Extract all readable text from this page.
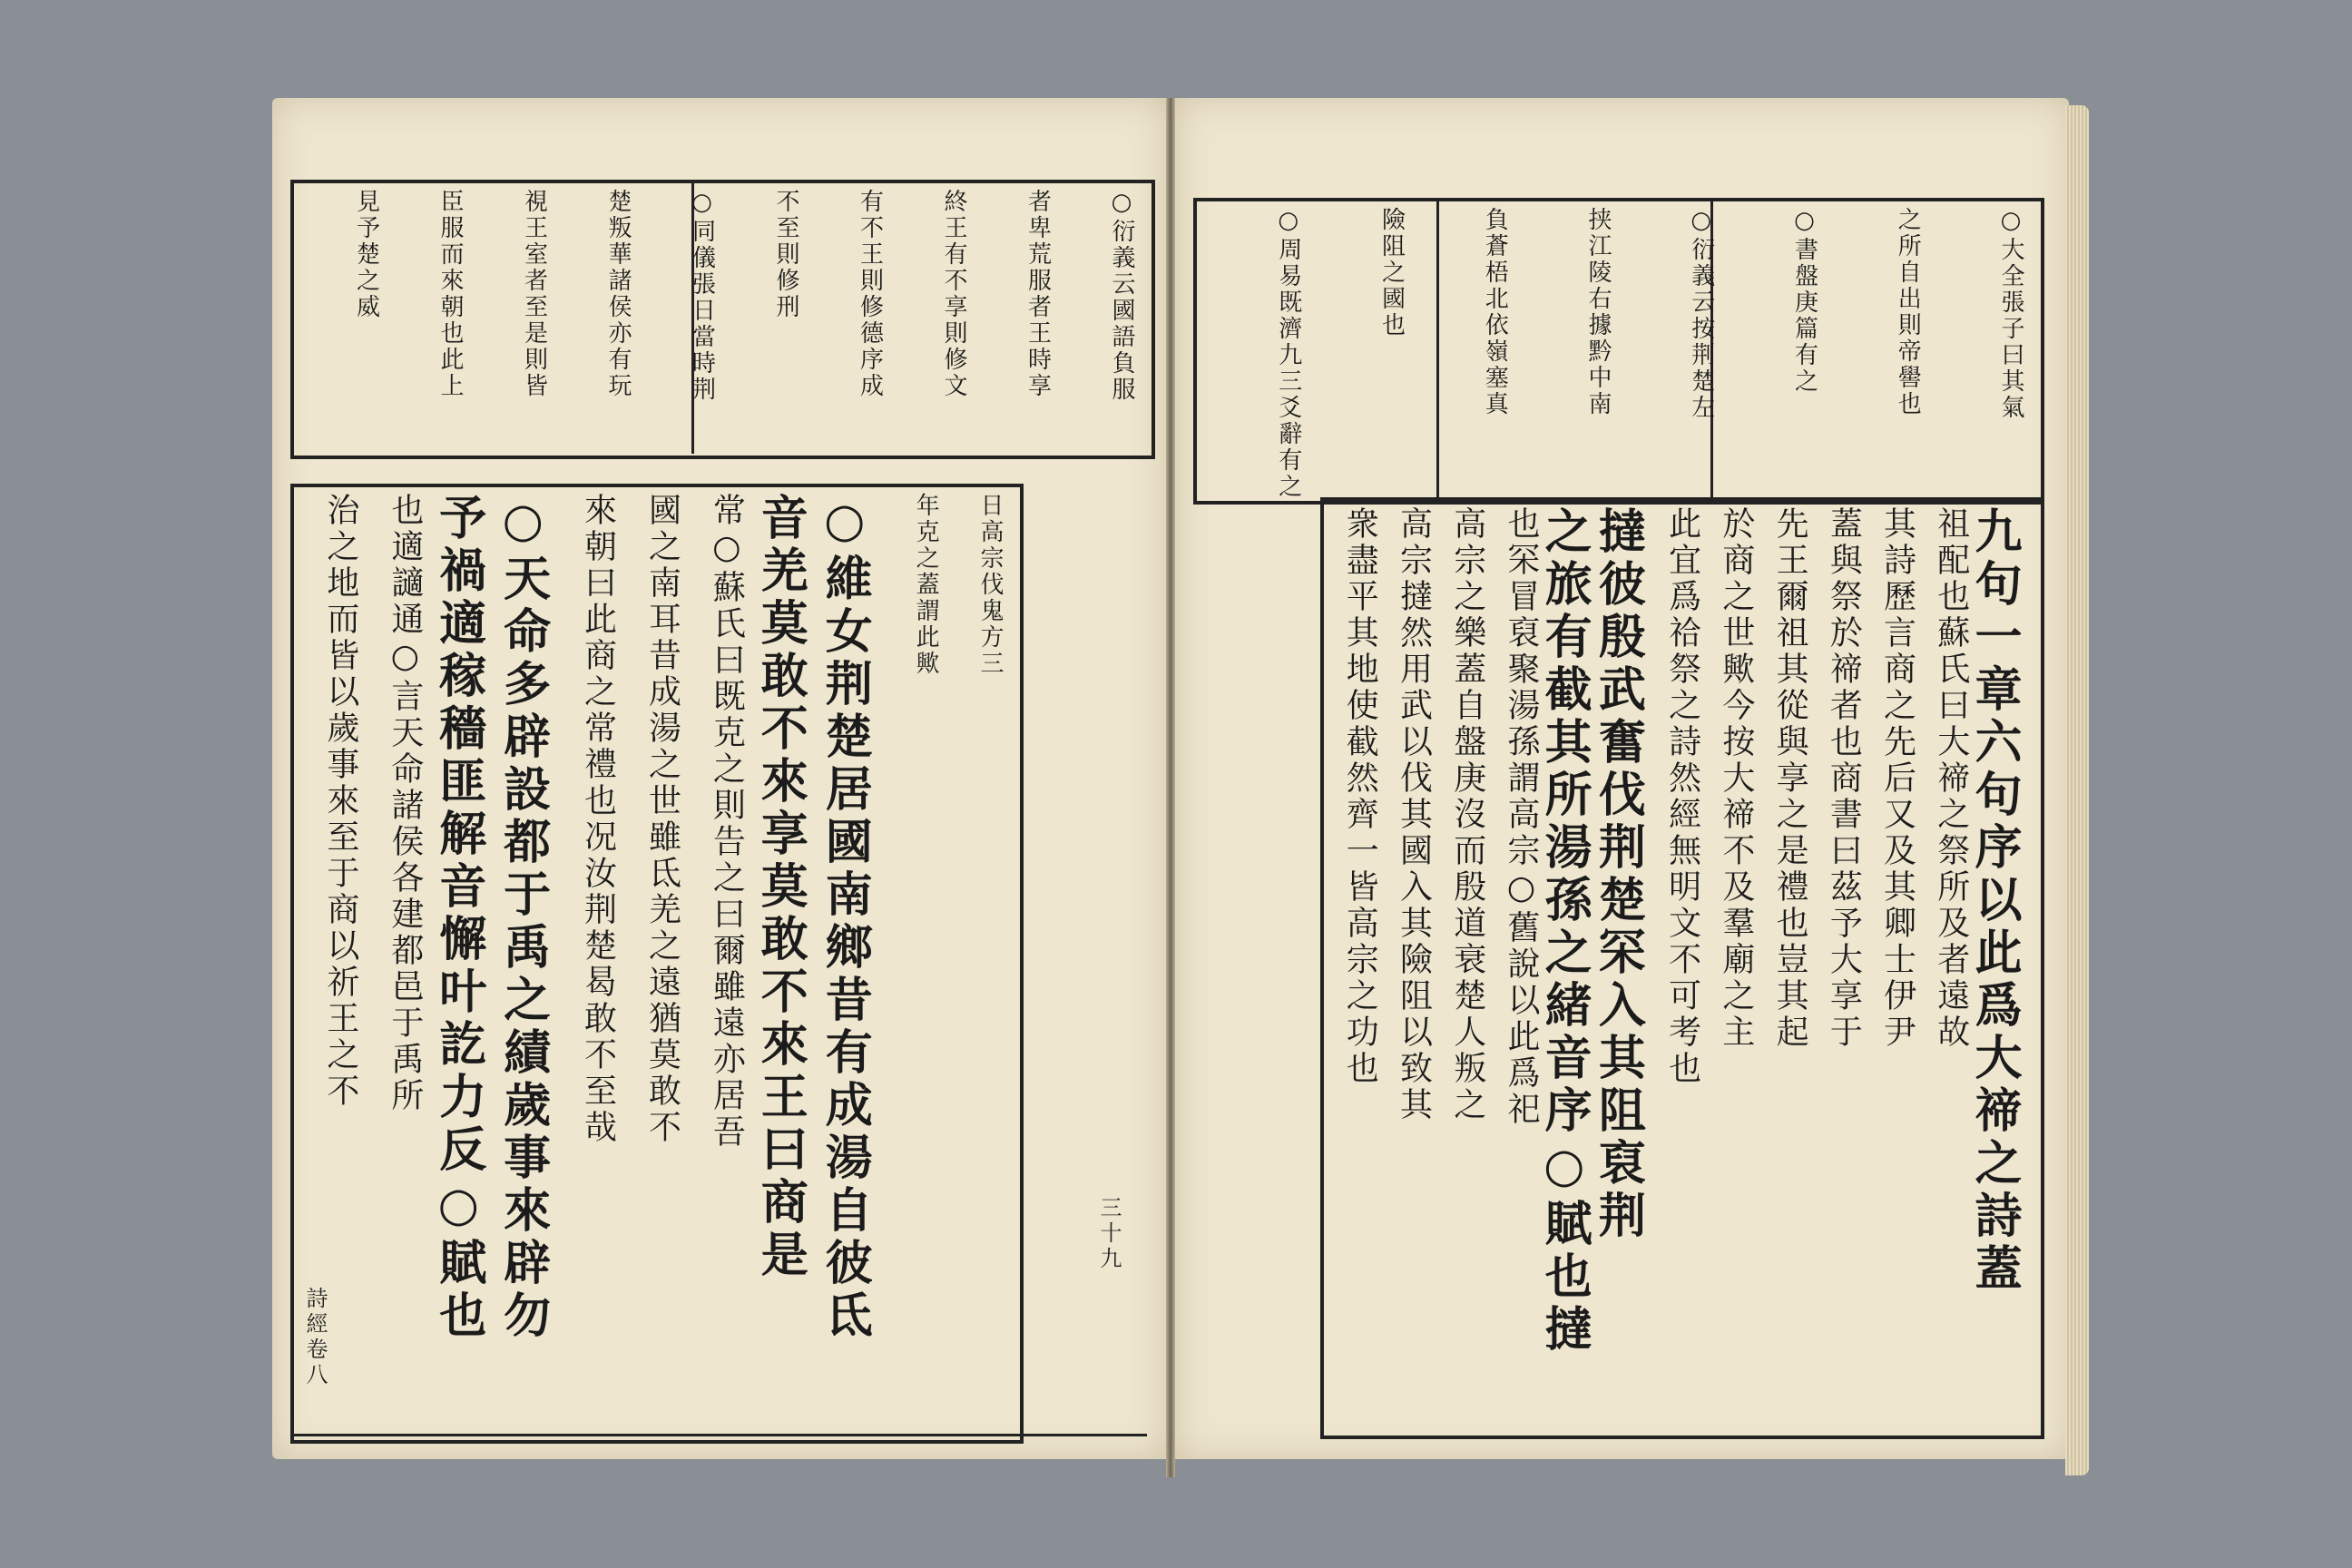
○衍義云國語負服
者卑荒服者王時享
終王有不享則修文
有不王則修德序成
不至則修刑
○同儀張日當時荆
楚叛華諸侯亦有玩
視王室者至是則皆
臣服而來朝也此上
見予楚之威
日高宗伐鬼方三
年克之蓋謂此歟
○維女荆楚居國南鄉昔有成湯自彼氐
音羌莫敢不來享莫敢不來王曰商是
常○蘇氏曰既克之則告之曰爾雖遠亦居吾
國之南耳昔成湯之世雖氐羌之遠猶莫敢不
來朝曰此商之常禮也况汝荆楚曷敢不至哉
○天命多辟設都于禹之績歲事來辟勿
予禍適稼穡匪解音懈叶訖力反○賦也
也適讁通○言天命諸侯各建都邑于禹所
治之地而皆以歲事來至于商以祈王之不
詩經卷八
三十九
○大全張子曰其氣
之所自出則帝嚳也
○書盤庚篇有之
○衍義云按荆楚左
挟江陵右據黔中南
負蒼梧北依嶺塞真
險阻之國也
○周易既濟九三爻辭有之
九句一章六句序以此爲大禘之詩蓋
祖配也蘇氏曰大禘之祭所及者遠故
其詩歷言商之先后又及其卿士伊尹
蓋與祭於禘者也商書曰茲予大享于
先王爾祖其從與享之是禮也豈其起
於商之世歟今按大禘不及羣廟之主
此宜爲祫祭之詩然經無明文不可考也
撻彼殷武奮伐荆楚罙入其阻裒荆
之旅有截其所湯孫之緒音序○賦也撻
也罙冒裒聚湯孫謂高宗○舊說以此爲祀
高宗之樂蓋自盤庚沒而殷道衰楚人叛之
高宗撻然用武以伐其國入其險阻以致其
衆盡平其地使截然齊一皆高宗之功也
